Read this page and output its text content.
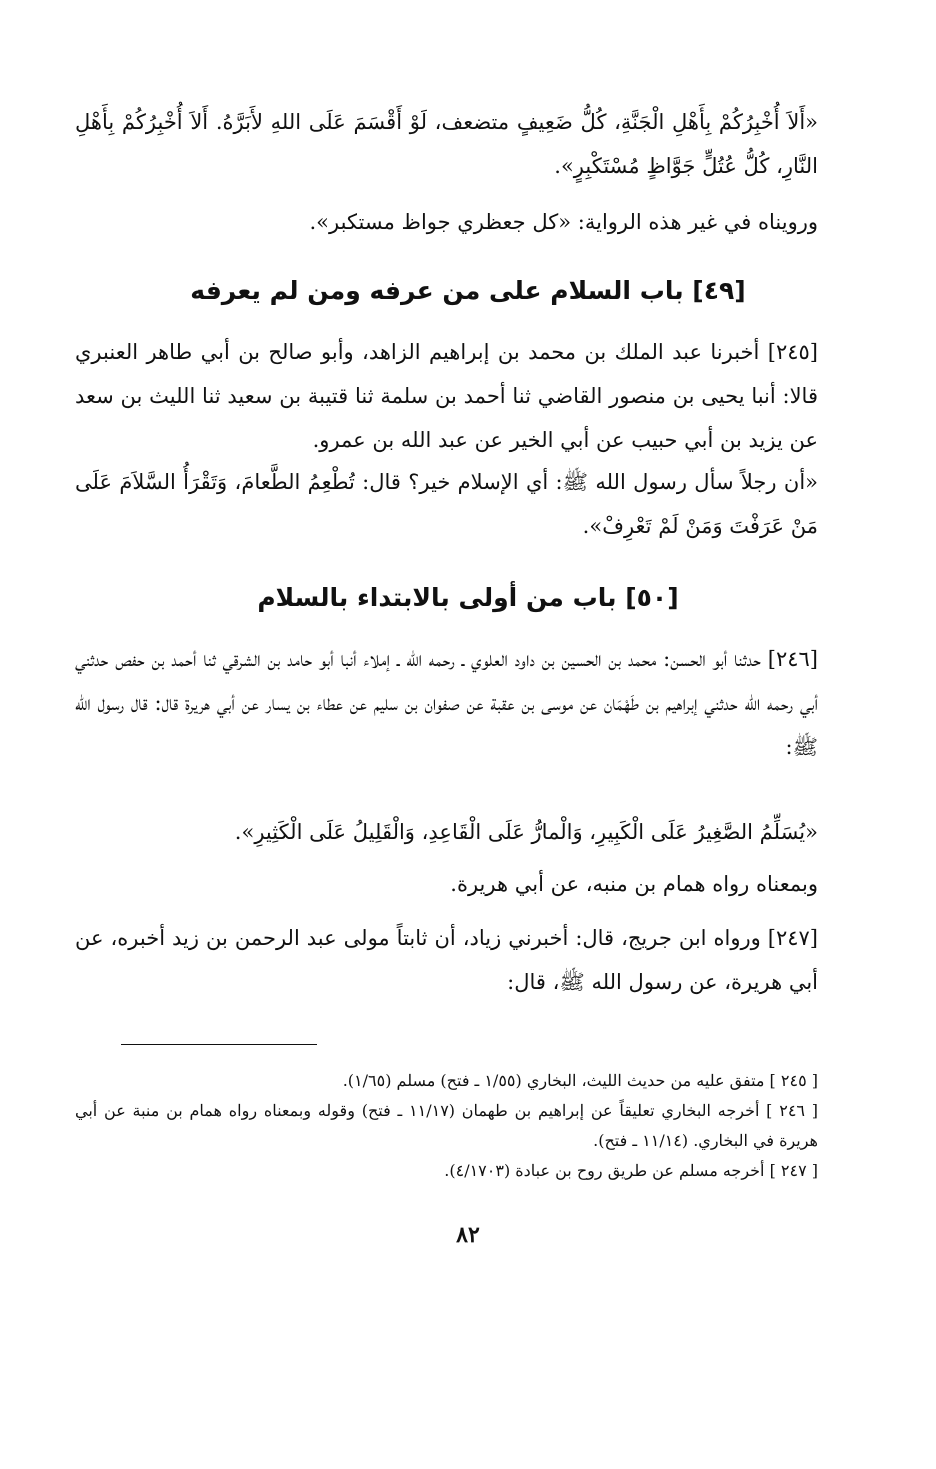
«أَلاَ أُخْبِرُكُمْ بِأَهْلِ الْجَنَّةِ، كُلُّ ضَعِيفٍ متضعف، لَوْ أَقْسَمَ عَلَى اللهِ لأَبَرَّهُ. أَلاَ أُخْبِرُكُمْ بِأَهْلِ النَّارِ، كُلُّ عُتُلٍّ جَوَّاظٍ مُسْتَكْبِرٍ».

ورويناه في غير هذه الرواية: «كل جعظري جواظ مستكبر».

[٤٩] باب السلام على من عرفه ومن لم يعرفه

[٢٤٥] أخبرنا عبد الملك بن محمد بن إبراهيم الزاهد، وأبو صالح بن أبي طاهر العنبري قالا: أنبا يحيى بن منصور القاضي ثنا أحمد بن سلمة ثنا قتيبة بن سعيد ثنا الليث بن سعد عن يزيد بن أبي حبيب عن أبي الخير عن عبد الله بن عمرو.

«أن رجلاً سأل رسول الله ﷺ: أي الإسلام خير؟ قال: تُطْعِمُ الطَّعامَ، وَتَقْرَأُ السَّلاَمَ عَلَى مَنْ عَرَفْتَ وَمَنْ لَمْ تَعْرِفْ».

[٥٠] باب من أولى بالابتداء بالسلام

[٢٤٦] حدثنا أبو الحسن: محمد بن الحسين بن داود العلوي ـ رحمه الله ـ إملاء أنبا أبو حامد بن الشرقي ثنا أحمد بن حفص حدثني أبي رحمه الله حدثني إبراهيم بن طَهْمَان عن موسى بن عقبة عن صفوان بن سليم عن عطاء بن يسار عن أبي هريرة قال: قال رسول الله ﷺ:

«يُسَلِّمُ الصَّغِيرُ عَلَى الْكَبِيرِ، وَالْمارُّ عَلَى الْقَاعِدِ، وَالْقَلِيلُ عَلَى الْكَثِيرِ».

وبمعناه رواه همام بن منبه، عن أبي هريرة.

[٢٤٧] ورواه ابن جريج، قال: أخبرني زياد، أن ثابتاً مولى عبد الرحمن بن زيد أخبره، عن أبي هريرة، عن رسول الله ﷺ، قال:

[ ٢٤٥ ] متفق عليه من حديث الليث، البخاري (١/٥٥ ـ فتح) مسلم (١/٦٥).

[ ٢٤٦ ] أخرجه البخاري تعليقاً عن إبراهيم بن طهمان (١١/١٧ ـ فتح) وقوله وبمعناه رواه همام بن منبة عن أبي هريرة في البخاري. (١١/١٤ ـ فتح).

[ ٢٤٧ ] أخرجه مسلم عن طريق روح بن عبادة (٤/١٧٠٣).

٨٢
